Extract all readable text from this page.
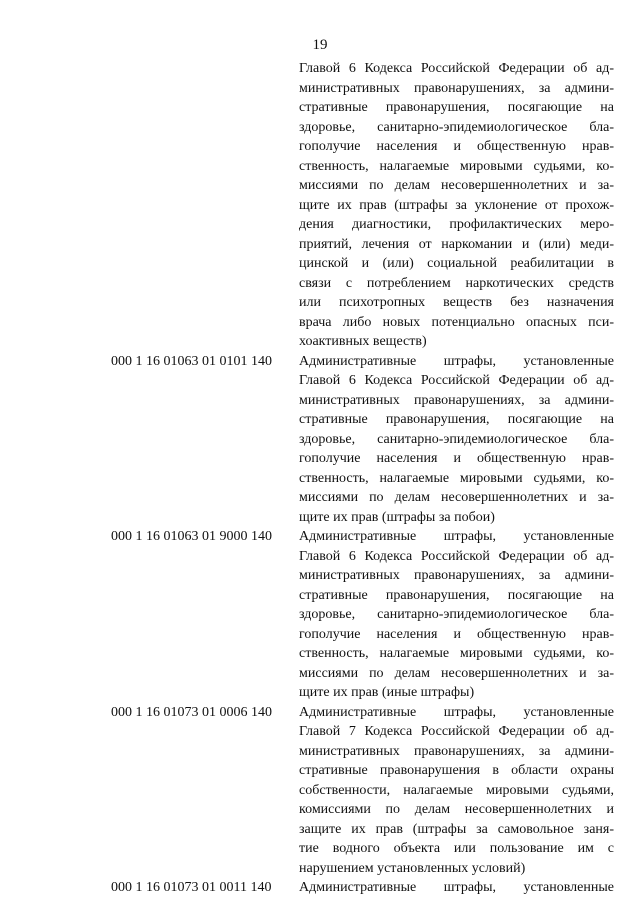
19
Главой 6 Кодекса Российской Федерации об ад-
министративных правонарушениях, за админи-
стративные правонарушения, посягающие на
здоровье, санитарно-эпидемиологическое бла-
гополучие населения и общественную нрав-
ственность, налагаемые мировыми судьями, ко-
миссиями по делам несовершеннолетних и за-
щите их прав (штрафы за уклонение от прохож-
дения диагностики, профилактических меро-
приятий, лечения от наркомании и (или) меди-
цинской и (или) социальной реабилитации в
связи с потреблением наркотических средств
или психотропных веществ без назначения
врача либо новых потенциально опасных пси-
хоактивных веществ)
000 1 16 01063 01 0101 140	Административные штрафы, установленные
Главой 6 Кодекса Российской Федерации об ад-
министративных правонарушениях, за админи-
стративные правонарушения, посягающие на
здоровье, санитарно-эпидемиологическое бла-
гополучие населения и общественную нрав-
ственность, налагаемые мировыми судьями, ко-
миссиями по делам несовершеннолетних и за-
щите их прав (штрафы за побои)
000 1 16 01063 01 9000 140	Административные штрафы, установленные
Главой 6 Кодекса Российской Федерации об ад-
министративных правонарушениях, за админи-
стративные правонарушения, посягающие на
здоровье, санитарно-эпидемиологическое бла-
гополучие населения и общественную нрав-
ственность, налагаемые мировыми судьями, ко-
миссиями по делам несовершеннолетних и за-
щите их прав (иные штрафы)
000 1 16 01073 01 0006 140	Административные штрафы, установленные
Главой 7 Кодекса Российской Федерации об ад-
министративных правонарушениях, за админи-
стративные правонарушения в области охраны
собственности, налагаемые мировыми судьями,
комиссиями по делам несовершеннолетних и
защите их прав (штрафы за самовольное заня-
тие водного объекта или пользование им с
нарушением установленных условий)
000 1 16 01073 01 0011 140	Административные штрафы, установленные
